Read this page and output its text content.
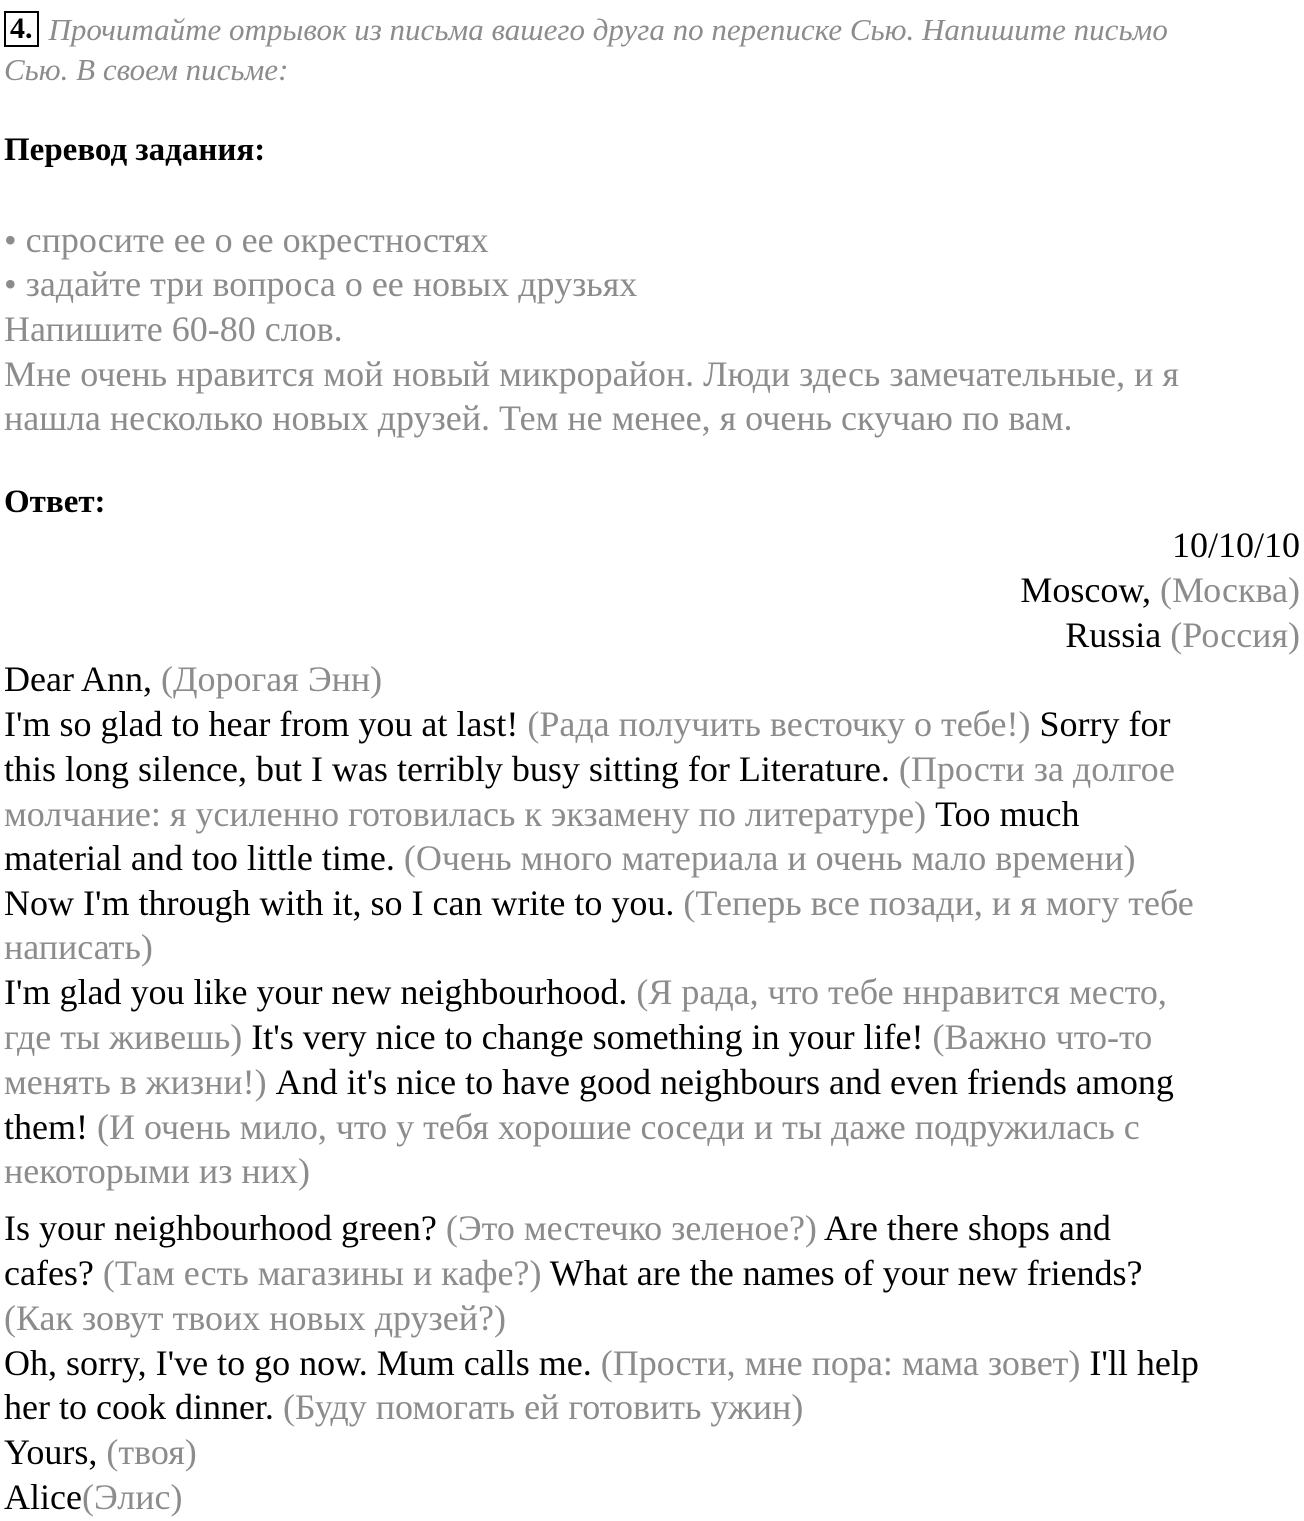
4. Прочитайте отрывок из письма вашего друга по переписке Сью. Напишите письмо
Сью. В своем письме:
Перевод задания:
• спросите ее о ее окрестностях
• задайте три вопроса о ее новых друзьях
Напишите 60-80 слов.
Мне очень нравится мой новый микрорайон. Люди здесь замечательные, и я
нашла несколько новых друзей. Тем не менее, я очень скучаю по вам.
Ответ:
10/10/10
Moscow, (Москва)
Russia (Россия)
Dear Ann, (Дорогая Энн)
I'm so glad to hear from you at last! (Рада получить весточку о тебе!) Sorry for
this long silence, but I was terribly busy sitting for Literature. (Прости за долгое
молчание: я усиленно готовилась к экзамену по литературе) Too much
material and too little time. (Очень много материала и очень мало времени)
Now I'm through with it, so I can write to you. (Теперь все позади, и я могу тебе
написать)
I'm glad you like your new neighbourhood. (Я рада, что тебе ннравится место,
где ты живешь) It's very nice to change something in your life! (Важно что-то
менять в жизни!) And it's nice to have good neighbours and even friends among
them! (И очень мило, что у тебя хорошие соседи и ты даже подружилась с
некоторыми из них)
Is your neighbourhood green? (Это местечко зеленое?) Are there shops and
cafes? (Там есть магазины и кафе?) What are the names of your new friends?
(Как зовут твоих новых друзей?)
Oh, sorry, I've to go now. Mum calls me. (Прости, мне пора: мама зовет) I'll help
her to cook dinner. (Буду помогать ей готовить ужин)
Yours, (твоя)
Alice(Элис)
